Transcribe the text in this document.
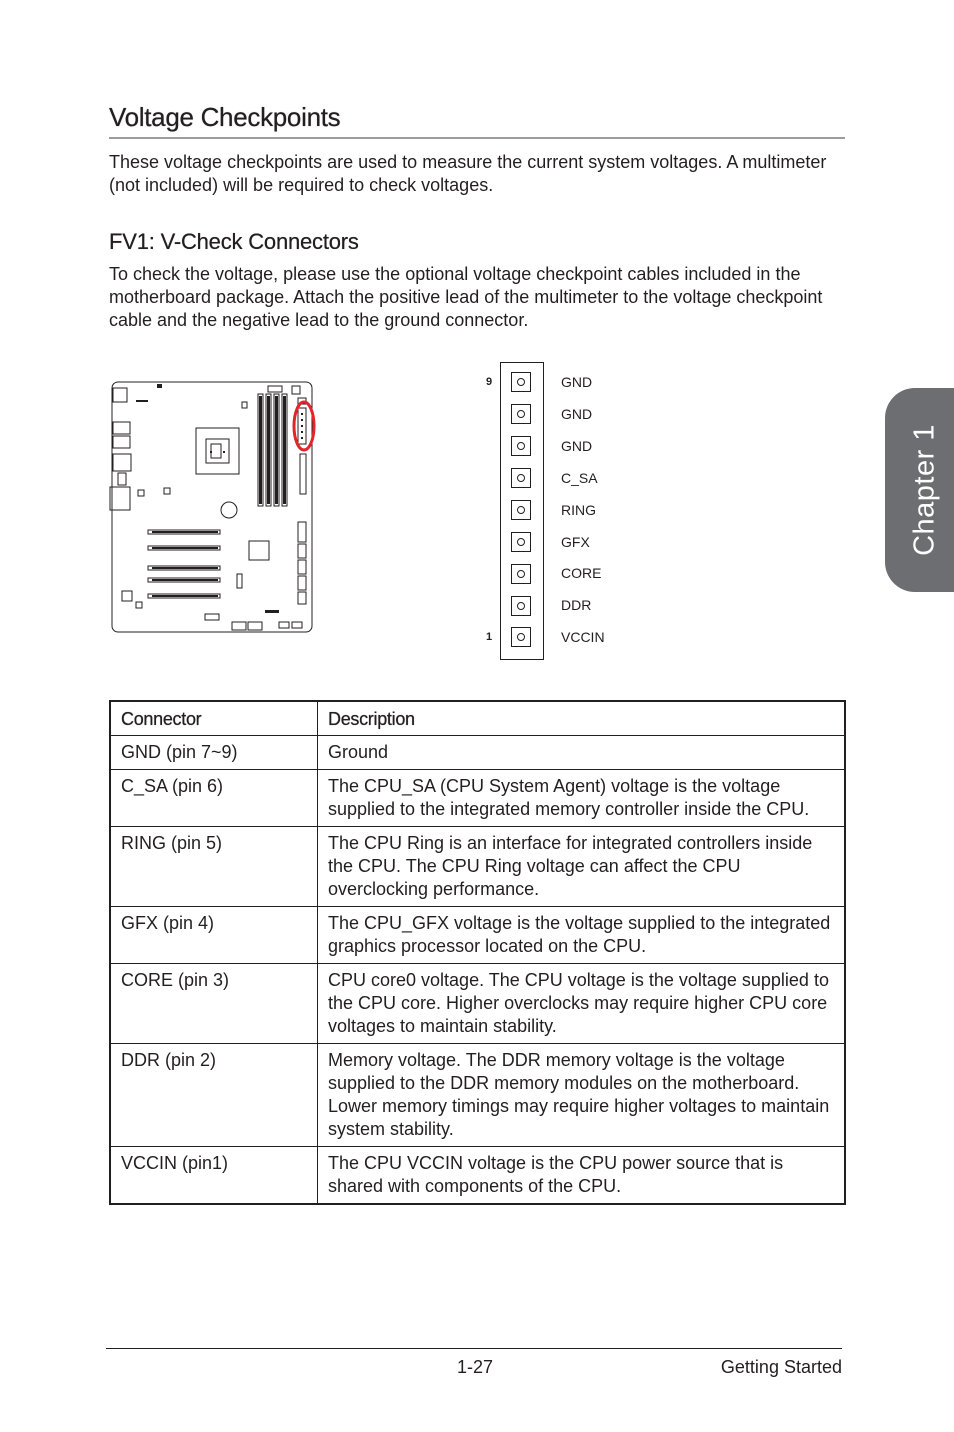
Voltage Checkpoints

These voltage checkpoints are used to measure the current system voltages. A multimeter (not included) will be required to check voltages.

FV1: V-Check Connectors

To check the voltage, please use the optional voltage checkpoint cables included in the motherboard package. Attach the positive lead of the multimeter to the voltage checkpoint cable and the negative lead to the ground connector.

Chapter 1
9
1
GND
GND
GND
C_SA
RING
GFX
CORE
DDR
VCCIN
Connector	Description
GND (pin 7~9)	Ground
C_SA (pin 6)	The CPU_SA (CPU System Agent) voltage is the voltage supplied to the integrated memory controller inside the CPU.
RING (pin 5)	The CPU Ring is an interface for integrated controllers inside the CPU. The CPU Ring voltage can affect the CPU overclocking performance.
GFX (pin 4)	The CPU_GFX voltage is the voltage supplied to the integrated graphics processor located on the CPU.
CORE (pin 3)	CPU core0 voltage. The CPU voltage is the voltage supplied to the CPU core. Higher overclocks may require higher CPU core voltages to maintain stability.
DDR (pin 2)	Memory voltage. The DDR memory voltage is the voltage supplied to the DDR memory modules on the motherboard. Lower memory timings may require higher voltages to maintain system stability.
VCCIN (pin1)	The CPU VCCIN voltage is the CPU power source that is shared with components of the CPU.
1-27	Getting Started
